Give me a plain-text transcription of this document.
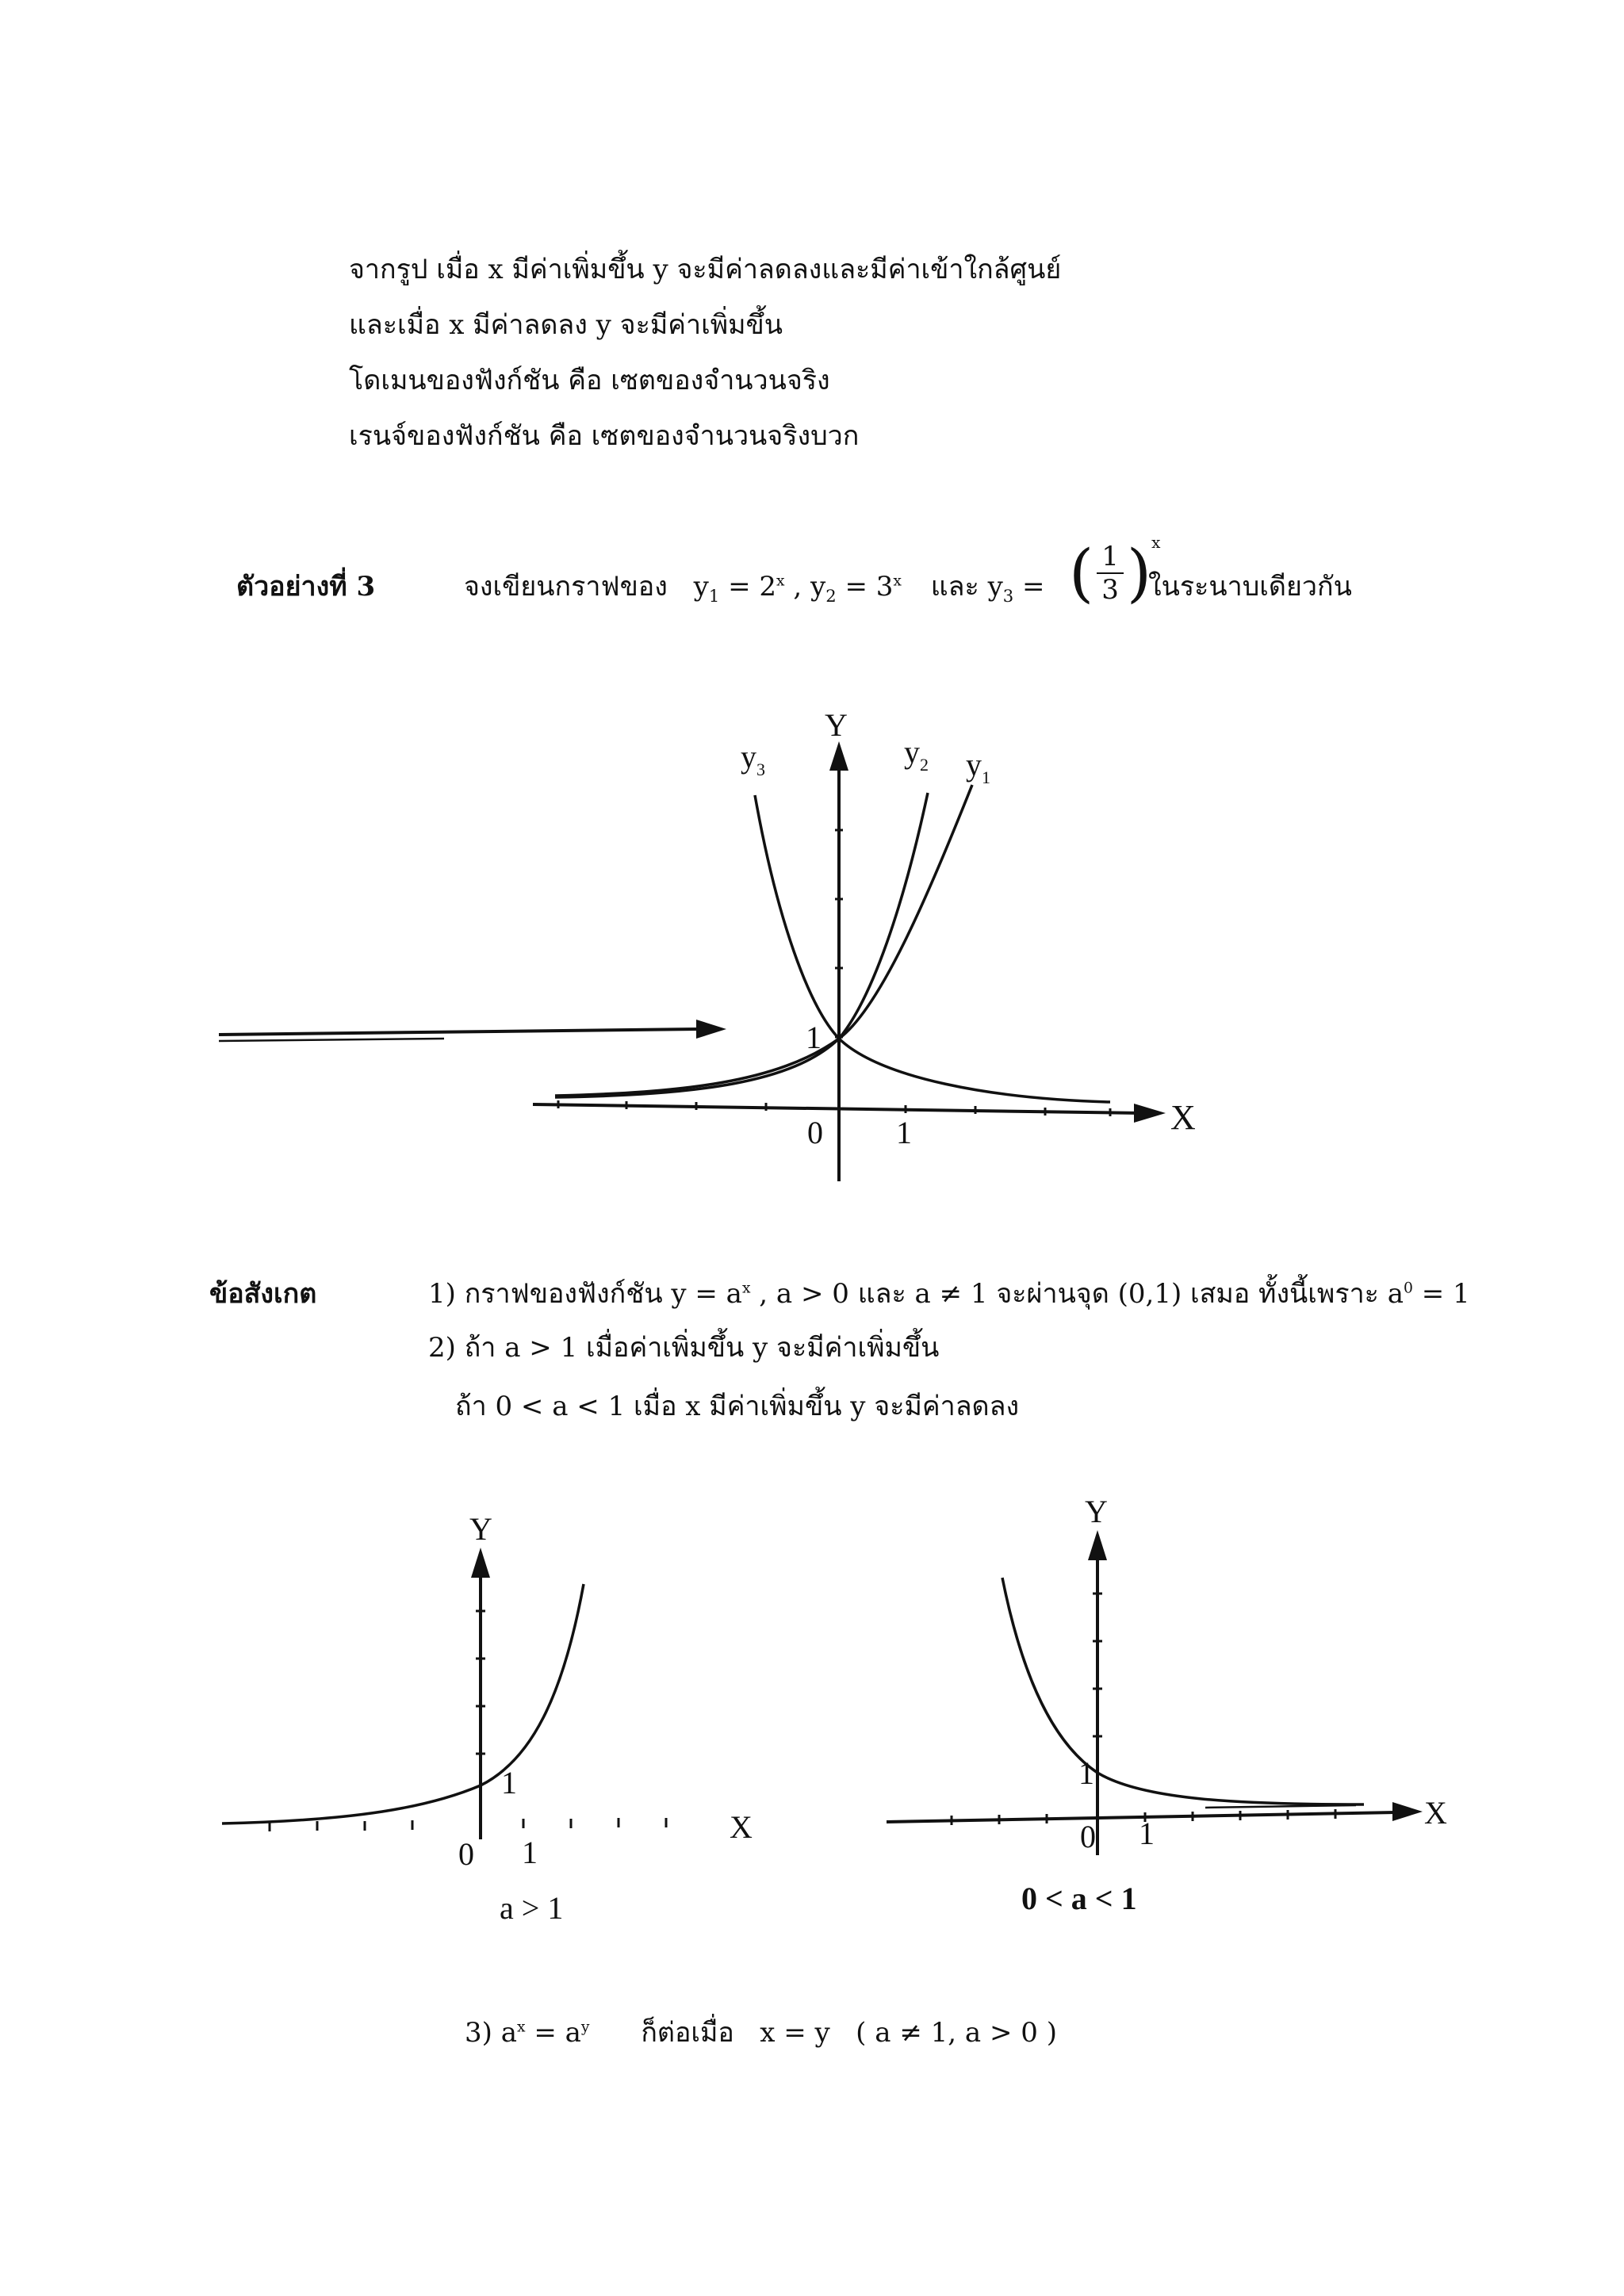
จากรูป เมื่อ x มีค่าเพิ่มขึ้น y จะมีค่าลดลงและมีค่าเข้าใกล้ศูนย์
และเมื่อ x มีค่าลดลง y จะมีค่าเพิ่มขึ้น
โดเมนของฟังก์ชัน คือ เซตของจำนวนจริง
เรนจ์ของฟังก์ชัน คือ เซตของจำนวนจริงบวก
ตัวอย่างที่ 3	จงเขียนกราฟของ $y_1 = 2^x$ , $y_2 = 3^x$ และ $y_3$ = ( $\frac{1}{3} )^x$
ในระนาบเดียวกัน
Y
X
$y_3$	$y_2$ $y_1$
1
0 1
Y
X
1
0 1
a > 1
Y
X
1
0 1
0 < a < 1
ข้อสังเกต	1) กราฟของฟังก์ชัน $y = a^x$ , a > 0 และ a ≠ 1 จะผ่านจุด (0,1) เสมอ ทั้งนี้เพราะ $a^0 = 1$
2) ถ้า a > 1 เมื่อค่าเพิ่มขึ้น y จะมีค่าเพิ่มขึ้น
ถ้า 0 < a < 1 เมื่อ x มีค่าเพิ่มขึ้น y จะมีค่าลดลง
3) $a^x = a^y$      ก็ต่อเมื่อ   x = y   ( a ≠ 1, a > 0 )
